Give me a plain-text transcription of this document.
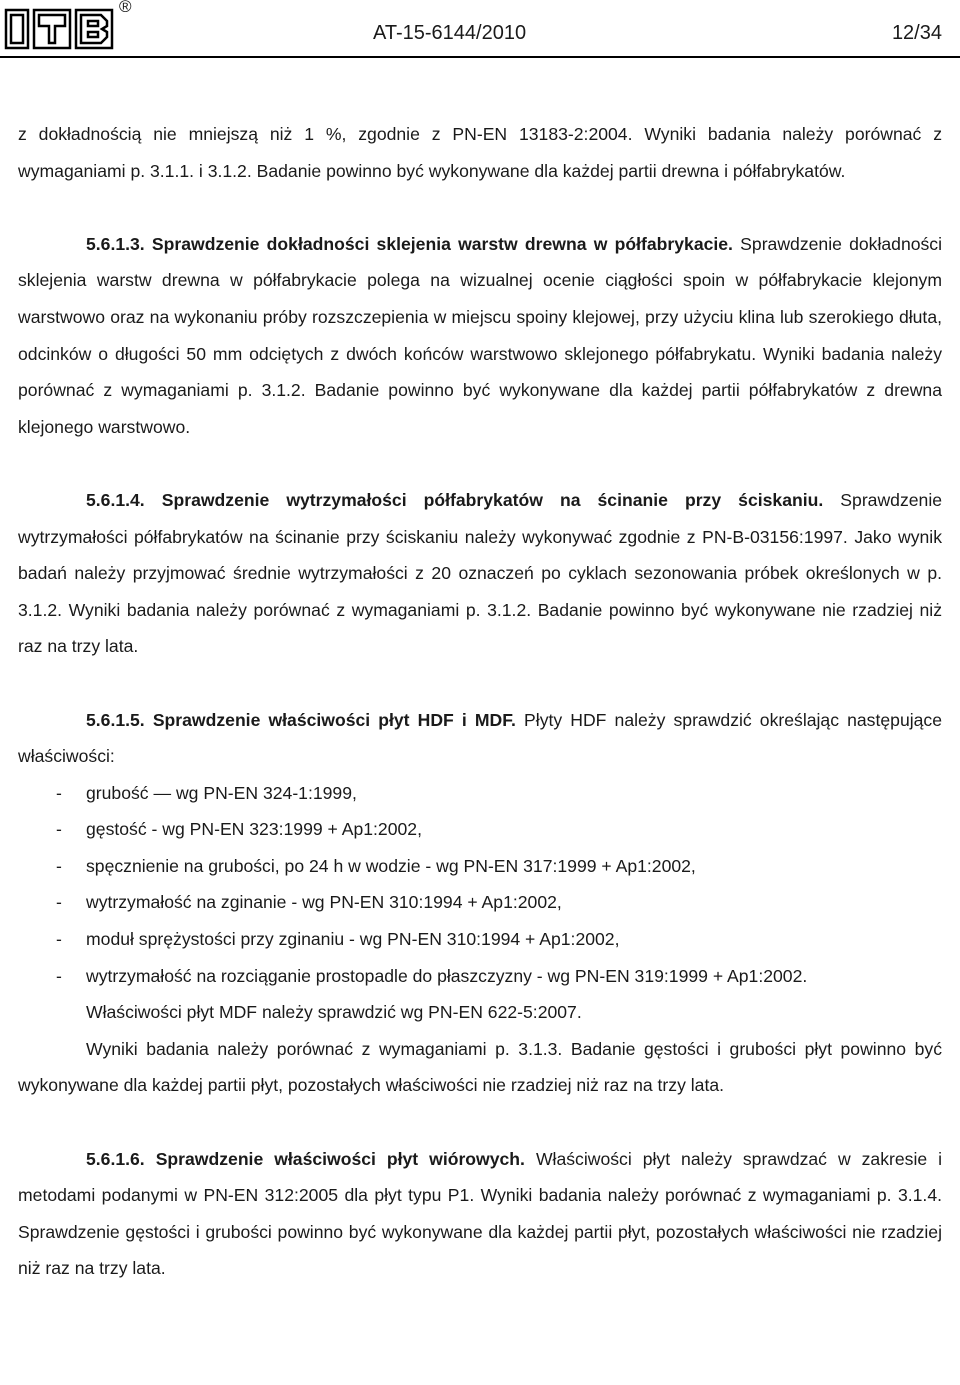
®
AT-15-6144/2010	12/34

z dokładnością nie mniejszą niż 1 %, zgodnie z PN-EN 13183-2:2004. Wyniki badania należy porównać z wymaganiami p. 3.1.1. i 3.1.2. Badanie powinno być wykonywane dla każdej partii drewna i półfabrykatów.

5.6.1.3. Sprawdzenie dokładności sklejenia warstw drewna w półfabrykacie. Sprawdzenie dokładności sklejenia warstw drewna w półfabrykacie polega na wizualnej ocenie ciągłości spoin w półfabrykacie klejonym warstwowo oraz na wykonaniu próby rozszczepienia w miejscu spoiny klejowej, przy użyciu klina lub szerokiego dłuta, odcinków o długości 50 mm odciętych z dwóch końców warstwowo sklejonego półfabrykatu. Wyniki badania należy porównać z wymaganiami p. 3.1.2. Badanie powinno być wykonywane dla każdej partii półfabrykatów z drewna klejonego warstwowo.

5.6.1.4. Sprawdzenie wytrzymałości półfabrykatów na ścinanie przy ściskaniu. Sprawdzenie wytrzymałości półfabrykatów na ścinanie przy ściskaniu należy wykonywać zgodnie z PN-B-03156:1997. Jako wynik badań należy przyjmować średnie wytrzymałości z 20 oznaczeń po cyklach sezonowania próbek określonych w p. 3.1.2. Wyniki badania należy porównać z wymaganiami p. 3.1.2. Badanie powinno być wykonywane nie rzadziej niż raz na trzy lata.

5.6.1.5. Sprawdzenie właściwości płyt HDF i MDF. Płyty HDF należy sprawdzić określając następujące właściwości:

- grubość — wg PN-EN 324-1:1999,
- gęstość - wg PN-EN 323:1999 + Ap1:2002,
- spęcznienie na grubości, po 24 h w wodzie - wg PN-EN 317:1999 + Ap1:2002,
- wytrzymałość na zginanie - wg PN-EN 310:1994 + Ap1:2002,
- moduł sprężystości przy zginaniu - wg PN-EN 310:1994 + Ap1:2002,
- wytrzymałość na rozciąganie prostopadle do płaszczyzny - wg PN-EN 319:1999 + Ap1:2002.

Właściwości płyt MDF należy sprawdzić wg PN-EN 622-5:2007.

Wyniki badania należy porównać z wymaganiami p. 3.1.3. Badanie gęstości i grubości płyt powinno być wykonywane dla każdej partii płyt, pozostałych właściwości nie rzadziej niż raz na trzy lata.

5.6.1.6. Sprawdzenie właściwości płyt wiórowych. Właściwości płyt należy sprawdzać w zakresie i metodami podanymi w PN-EN 312:2005 dla płyt typu P1. Wyniki badania należy porównać z wymaganiami p. 3.1.4. Sprawdzenie gęstości i grubości powinno być wykonywane dla każdej partii płyt, pozostałych właściwości nie rzadziej niż raz na trzy lata.
